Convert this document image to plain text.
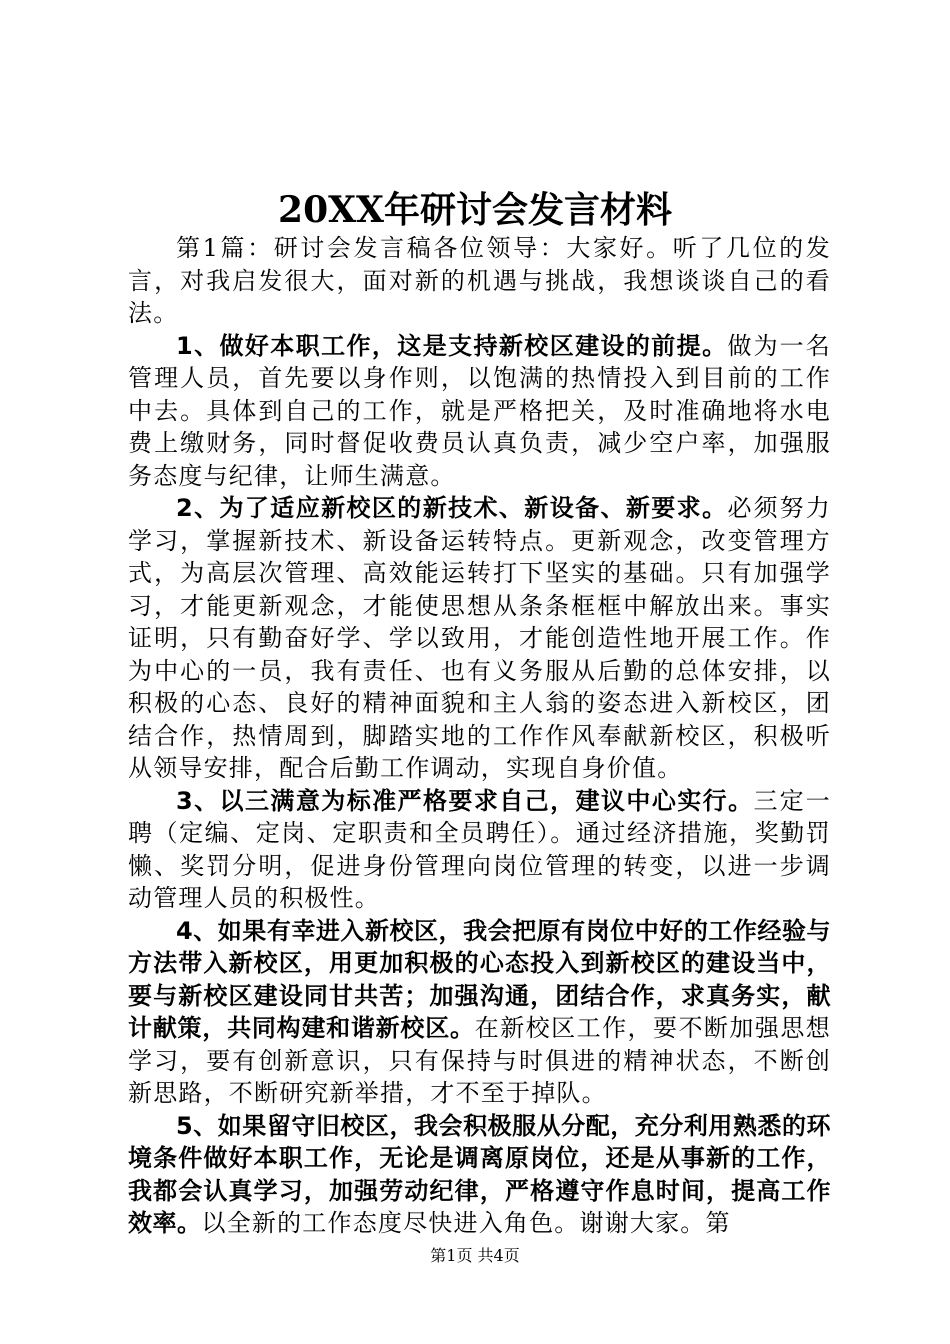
20XX年研讨会发言材料

第1篇：研讨会发言稿各位领导：大家好。听了几位的发言，对我启发很大，面对新的机遇与挑战，我想谈谈自己的看法。

1、做好本职工作，这是支持新校区建设的前提。做为一名管理人员，首先要以身作则，以饱满的热情投入到目前的工作中去。具体到自己的工作，就是严格把关，及时准确地将水电费上缴财务，同时督促收费员认真负责，减少空户率，加强服务态度与纪律，让师生满意。

2、为了适应新校区的新技术、新设备、新要求。必须努力学习，掌握新技术、新设备运转特点。更新观念，改变管理方式，为高层次管理、高效能运转打下坚实的基础。只有加强学习，才能更新观念，才能使思想从条条框框中解放出来。事实证明，只有勤奋好学、学以致用，才能创造性地开展工作。作为中心的一员，我有责任、也有义务服从后勤的总体安排，以积极的心态、良好的精神面貌和主人翁的姿态进入新校区，团结合作，热情周到，脚踏实地的工作作风奉献新校区，积极听从领导安排，配合后勤工作调动，实现自身价值。

3、以三满意为标准严格要求自己，建议中心实行。三定一聘（定编、定岗、定职责和全员聘任）。通过经济措施，奖勤罚懒、奖罚分明，促进身份管理向岗位管理的转变，以进一步调动管理人员的积极性。

4、如果有幸进入新校区，我会把原有岗位中好的工作经验与方法带入新校区，用更加积极的心态投入到新校区的建设当中，要与新校区建设同甘共苦；加强沟通，团结合作，求真务实，献计献策，共同构建和谐新校区。在新校区工作，要不断加强思想学习，要有创新意识，只有保持与时俱进的精神状态，不断创新思路，不断研究新举措，才不至于掉队。

5、如果留守旧校区，我会积极服从分配，充分利用熟悉的环境条件做好本职工作，无论是调离原岗位，还是从事新的工作，我都会认真学习，加强劳动纪律，严格遵守作息时间，提高工作效率。以全新的工作态度尽快进入角色。谢谢大家。第

第1页 共4页
